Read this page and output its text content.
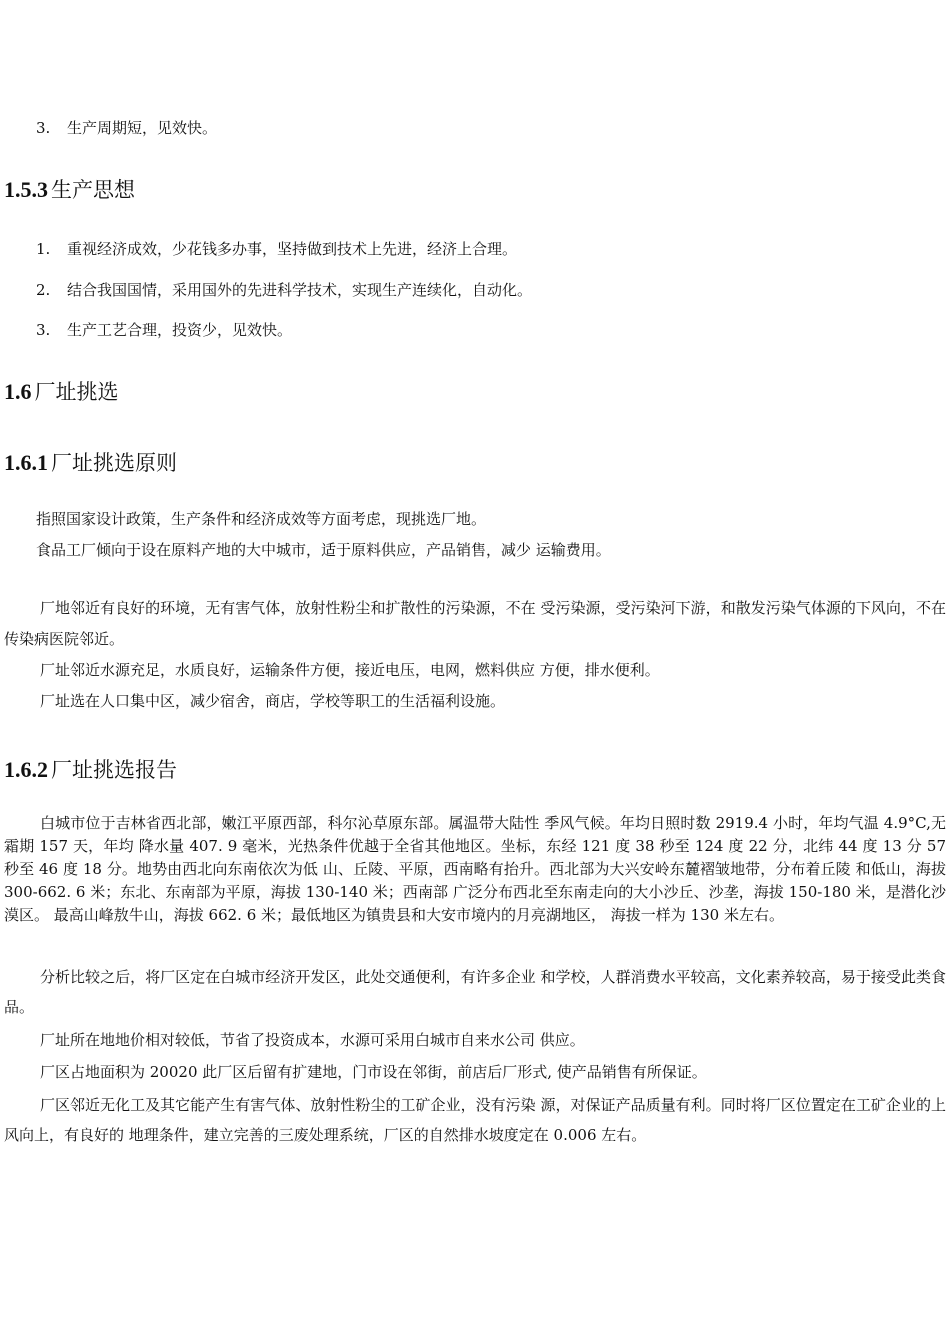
3. 生产周期短，见效快。
1.5.3 生产思想
1. 重视经济成效，少花钱多办事，坚持做到技术上先进，经济上合理。
2. 结合我国国情，采用国外的先进科学技术，实现生产连续化，自动化。
3. 生产工艺合理，投资少，见效快。
1.6 厂址挑选
1.6.1 厂址挑选原则
指照国家设计政策，生产条件和经济成效等方面考虑，现挑选厂地。
食品工厂倾向于设在原料产地的大中城市，适于原料供应，产品销售，减少 运输费用。
厂地邻近有良好的环境，无有害气体，放射性粉尘和扩散性的污染源，不在 受污染源，受污染河下游，和散发污染气体源的下风向，不在传染病医院邻近。
厂址邻近水源充足，水质良好，运输条件方便，接近电压，电网，燃料供应 方便，排水便利。
厂址选在人口集中区，减少宿舍，商店，学校等职工的生活福利设施。
1.6.2 厂址挑选报告
白城市位于吉林省西北部，嫩江平原西部，科尔沁草原东部。属温带大陆性 季风气候。年均日照时数 2919.4 小时，年均气温 4.9°C,无霜期 157 天，年均 降水量 407. 9 毫米，光热条件优越于全省其他地区。坐标，东经 121 度 38 秒至 124 度 22 分，北纬 44 度 13 分 57 秒至 46 度 18 分。地势由西北向东南依次为低 山、丘陵、平原，西南略有抬升。西北部为大兴安岭东麓褶皱地带，分布着丘陵 和低山，海拔 300-662. 6 米；东北、东南部为平原，海拔 130-140 米；西南部 广泛分布西北至东南走向的大小沙丘、沙垄，海拔 150-180 米，是潜化沙漠区。 最高山峰敖牛山，海拔 662. 6 米；最低地区为镇贵县和大安市境内的月亮湖地区， 海拔一样为 130 米左右。
分析比较之后，将厂区定在白城市经济开发区，此处交通便利，有许多企业 和学校，人群消费水平较高，文化素养较高，易于接受此类食品。
厂址所在地地价相对较低，节省了投资成本，水源可采用白城市自来水公司 供应。
厂区占地面积为 20020 此厂区后留有扩建地，门市设在邻街，前店后厂形式, 使产品销售有所保证。
厂区邻近无化工及其它能产生有害气体、放射性粉尘的工矿企业，没有污染 源，对保证产品质量有利。同时将厂区位置定在工矿企业的上风向上，有良好的 地理条件，建立完善的三废处理系统，厂区的自然排水坡度定在 0.006 左右。
